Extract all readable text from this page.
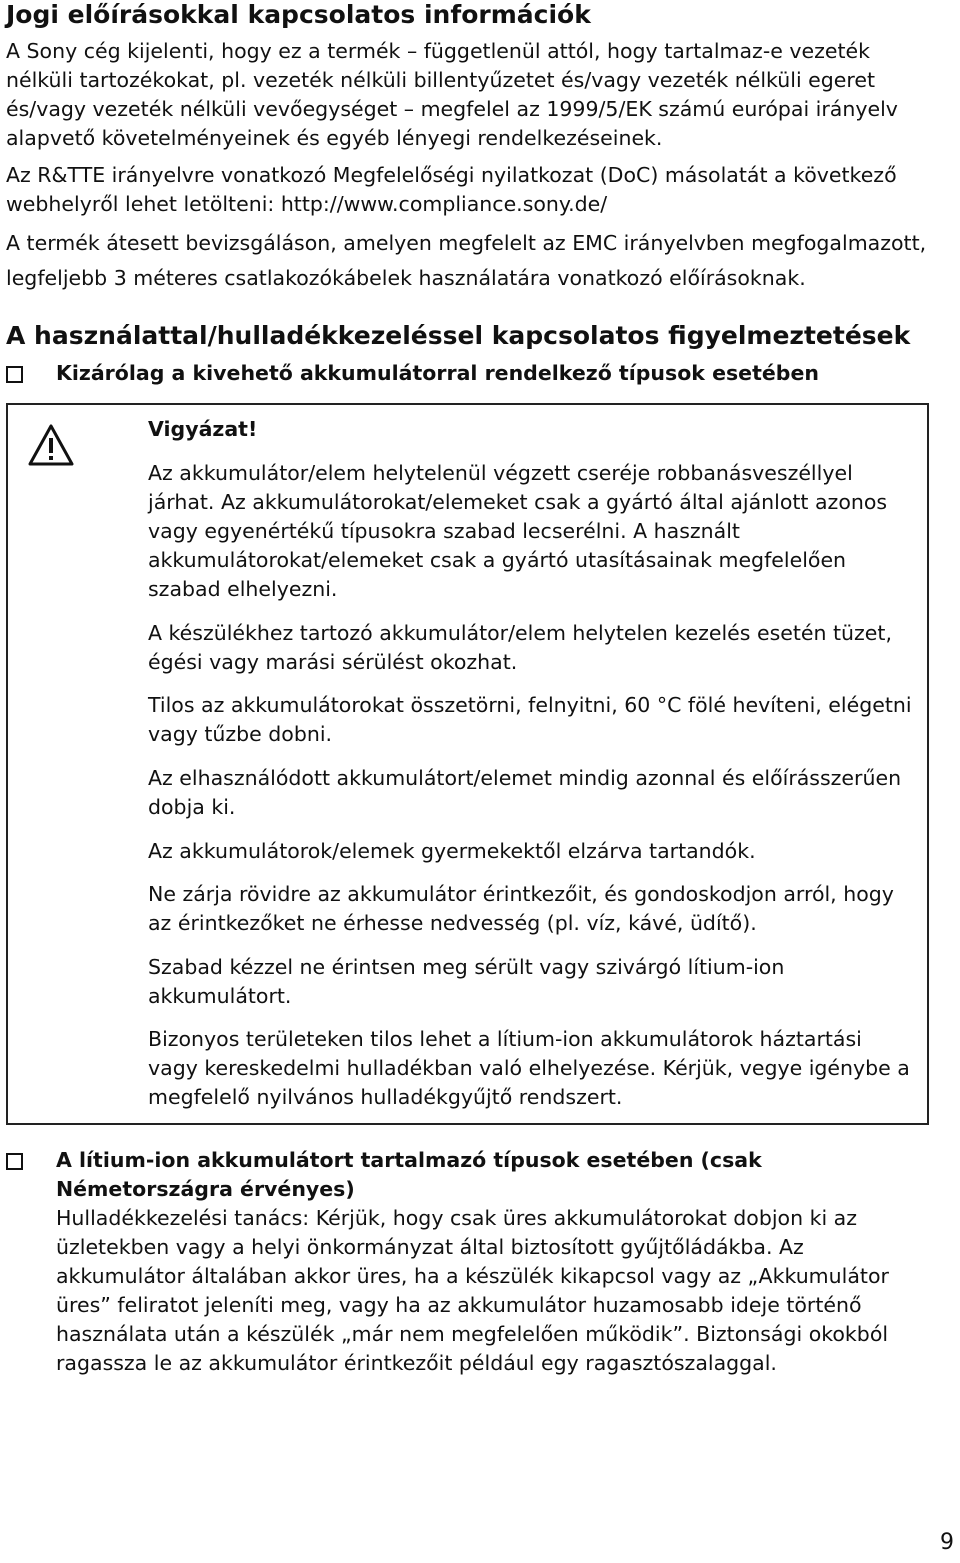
Jogi előírásokkal kapcsolatos információk
A Sony cég kijelenti, hogy ez a termék – függetlenül attól, hogy tartalmaz-e vezeték nélküli tartozékokat, pl. vezeték nélküli billentyűzetet és/vagy vezeték nélküli egeret és/vagy vezeték nélküli vevőegységet – megfelel az 1999/5/EK számú európai irányelv alapvető követelményeinek és egyéb lényegi rendelkezéseinek.
Az R&TTE irányelvre vonatkozó Megfelelőségi nyilatkozat (DoC) másolatát a következő webhelyről lehet letölteni: http://www.compliance.sony.de/
A termék átesett bevizsgáláson, amelyen megfelelt az EMC irányelvben megfogalmazott, legfeljebb 3 méteres csatlakozókábelek használatára vonatkozó előírásoknak.
A használattal/hulladékkezeléssel kapcsolatos figyelmeztetések
Kizárólag a kivehető akkumulátorral rendelkező típusok esetében
Vigyázat!
Az akkumulátor/elem helytelenül végzett cseréje robbanásveszéllyel járhat. Az akkumulátorokat/elemeket csak a gyártó által ajánlott azonos vagy egyenértékű típusokra szabad lecserélni. A használt akkumulátorokat/elemeket csak a gyártó utasításainak megfelelően szabad elhelyezni.
A készülékhez tartozó akkumulátor/elem helytelen kezelés esetén tüzet, égési vagy marási sérülést okozhat.
Tilos az akkumulátorokat összetörni, felnyitni, 60 °C fölé hevíteni, elégetni vagy tűzbe dobni.
Az elhasználódott akkumulátort/elemet mindig azonnal és előírásszerűen dobja ki.
Az akkumulátorok/elemek gyermekektől elzárva tartandók.
Ne zárja rövidre az akkumulátor érintkezőit, és gondoskodjon arról, hogy az érintkezőket ne érhesse nedvesség (pl. víz, kávé, üdítő).
Szabad kézzel ne érintsen meg sérült vagy szivárgó lítium-ion akkumulátort.
Bizonyos területeken tilos lehet a lítium-ion akkumulátorok háztartási vagy kereskedelmi hulladékban való elhelyezése. Kérjük, vegye igénybe a megfelelő nyilvános hulladékgyűjtő rendszert.
A lítium-ion akkumulátort tartalmazó típusok esetében (csak Németországra érvényes)
Hulladékkezelési tanács: Kérjük, hogy csak üres akkumulátorokat dobjon ki az üzletekben vagy a helyi önkormányzat által biztosított gyűjtőládákba. Az akkumulátor általában akkor üres, ha a készülék kikapcsol vagy az „Akkumulátor üres” feliratot jeleníti meg, vagy ha az akkumulátor huzamosabb ideje történő használata után a készülék „már nem megfelelően működik”. Biztonsági okokból ragassza le az akkumulátor érintkezőit például egy ragasztószalaggal.
9
